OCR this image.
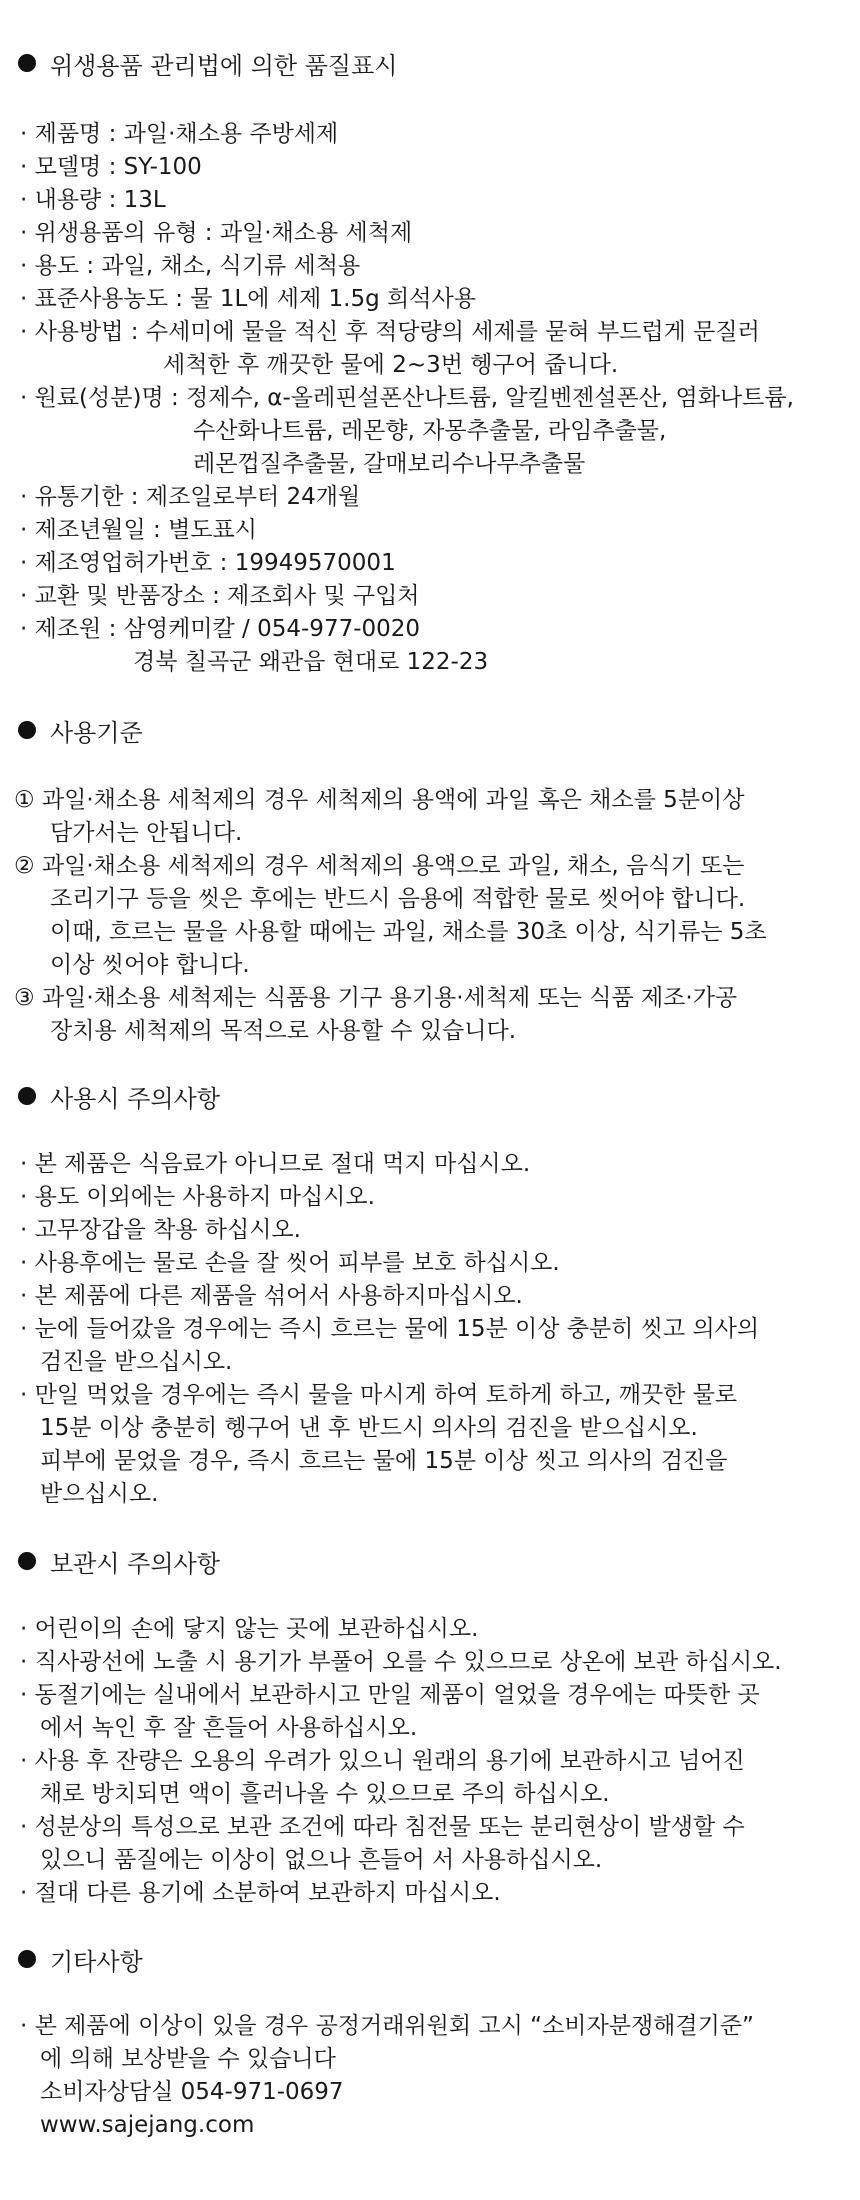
위생용품 관리법에 의한 품질표시
· 제품명 : 과일·채소용 주방세제
· 모델명 : SY-100
· 내용량 : 13L
· 위생용품의 유형 : 과일·채소용 세척제
· 용도 : 과일, 채소, 식기류 세척용
· 표준사용농도 : 물 1L에 세제 1.5g 희석사용
· 사용방법 : 수세미에 물을 적신 후 적당량의 세제를 묻혀 부드럽게 문질러
세척한 후 깨끗한 물에 2~3번 헹구어 줍니다.
· 원료(성분)명 : 정제수, α-올레핀설폰산나트륨, 알킬벤젠설폰산, 염화나트륨,
수산화나트륨, 레몬향, 자몽추출물, 라임추출물,
레몬껍질추출물, 갈매보리수나무추출물
· 유통기한 : 제조일로부터 24개월
· 제조년월일 : 별도표시
· 제조영업허가번호 : 19949570001
· 교환 및 반품장소 : 제조회사 및 구입처
· 제조원 : 삼영케미칼 / 054-977-0020
경북 칠곡군 왜관읍 현대로 122-23
사용기준
① 과일·채소용 세척제의 경우 세척제의 용액에 과일 혹은 채소를 5분이상
담가서는 안됩니다.
② 과일·채소용 세척제의 경우 세척제의 용액으로 과일, 채소, 음식기 또는
조리기구 등을 씻은 후에는 반드시 음용에 적합한 물로 씻어야 합니다.
이때, 흐르는 물을 사용할 때에는 과일, 채소를 30초 이상, 식기류는 5초
이상 씻어야 합니다.
③ 과일·채소용 세척제는 식품용 기구 용기용·세척제 또는 식품 제조·가공
장치용 세척제의 목적으로 사용할 수 있습니다.
사용시 주의사항
· 본 제품은 식음료가 아니므로 절대 먹지 마십시오.
· 용도 이외에는 사용하지 마십시오.
· 고무장갑을 착용 하십시오.
· 사용후에는 물로 손을 잘 씻어 피부를 보호 하십시오.
· 본 제품에 다른 제품을 섞어서 사용하지마십시오.
· 눈에 들어갔을 경우에는 즉시 흐르는 물에 15분 이상 충분히 씻고 의사의
검진을 받으십시오.
· 만일 먹었을 경우에는 즉시 물을 마시게 하여 토하게 하고, 깨끗한 물로
15분 이상 충분히 헹구어 낸 후 반드시 의사의 검진을 받으십시오.
피부에 묻었을 경우, 즉시 흐르는 물에 15분 이상 씻고 의사의 검진을
받으십시오.
보관시 주의사항
· 어린이의 손에 닿지 않는 곳에 보관하십시오.
· 직사광선에 노출 시 용기가 부풀어 오를 수 있으므로 상온에 보관 하십시오.
· 동절기에는 실내에서 보관하시고 만일 제품이 얼었을 경우에는 따뜻한 곳
에서 녹인 후 잘 흔들어 사용하십시오.
· 사용 후 잔량은 오용의 우려가 있으니 원래의 용기에 보관하시고 넘어진
채로 방치되면 액이 흘러나올 수 있으므로 주의 하십시오.
· 성분상의 특성으로 보관 조건에 따라 침전물 또는 분리현상이 발생할 수
있으니 품질에는 이상이 없으나 흔들어 서 사용하십시오.
· 절대 다른 용기에 소분하여 보관하지 마십시오.
기타사항
· 본 제품에 이상이 있을 경우 공정거래위원회 고시 “소비자분쟁해결기준”
에 의해 보상받을 수 있습니다
소비자상담실 054-971-0697
www.sajejang.com
